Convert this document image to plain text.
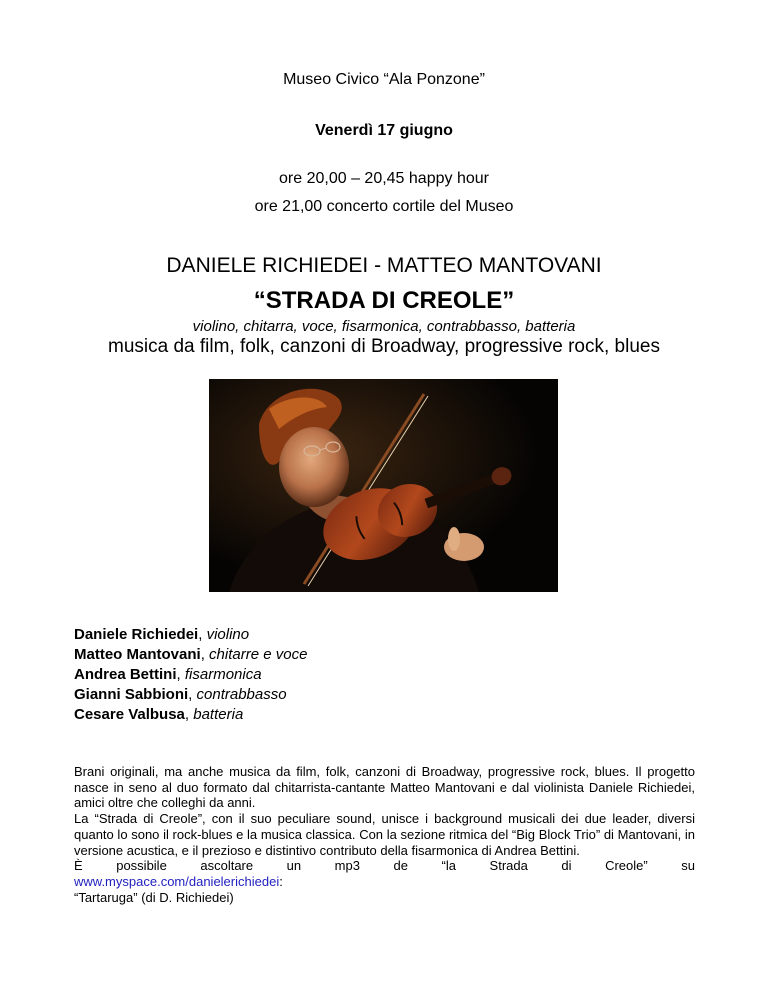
Museo Civico “Ala Ponzone”
Venerdì 17 giugno
ore 20,00 – 20,45 happy hour
ore 21,00 concerto cortile del Museo
DANIELE RICHIEDEI - MATTEO MANTOVANI
“STRADA DI CREOLE”
violino, chitarra, voce, fisarmonica, contrabbasso, batteria
musica da film, folk, canzoni di Broadway, progressive rock, blues
Daniele Richiedei, violino
Matteo Mantovani, chitarre e voce
Andrea Bettini, fisarmonica
Gianni Sabbioni, contrabbasso
Cesare Valbusa, batteria

Brani originali, ma anche musica da film, folk, canzoni di Broadway, progressive rock, blues. Il progetto nasce in seno al duo formato dal chitarrista-cantante Matteo Mantovani e dal violinista Daniele Richiedei, amici oltre che colleghi da anni.

La “Strada di Creole”, con il suo peculiare sound, unisce i background musicali dei due leader, diversi quanto lo sono il rock-blues e la musica classica. Con la sezione ritmica del “Big Block Trio” di Mantovani, in versione acustica, e il prezioso e distintivo contributo della fisarmonica di Andrea Bettini.

È	possibile	ascoltare	un	mp3	de	“la	Strada	di	Creole”	su
www.myspace.com/danielerichiedei:
“Tartaruga” (di D. Richiedei)
